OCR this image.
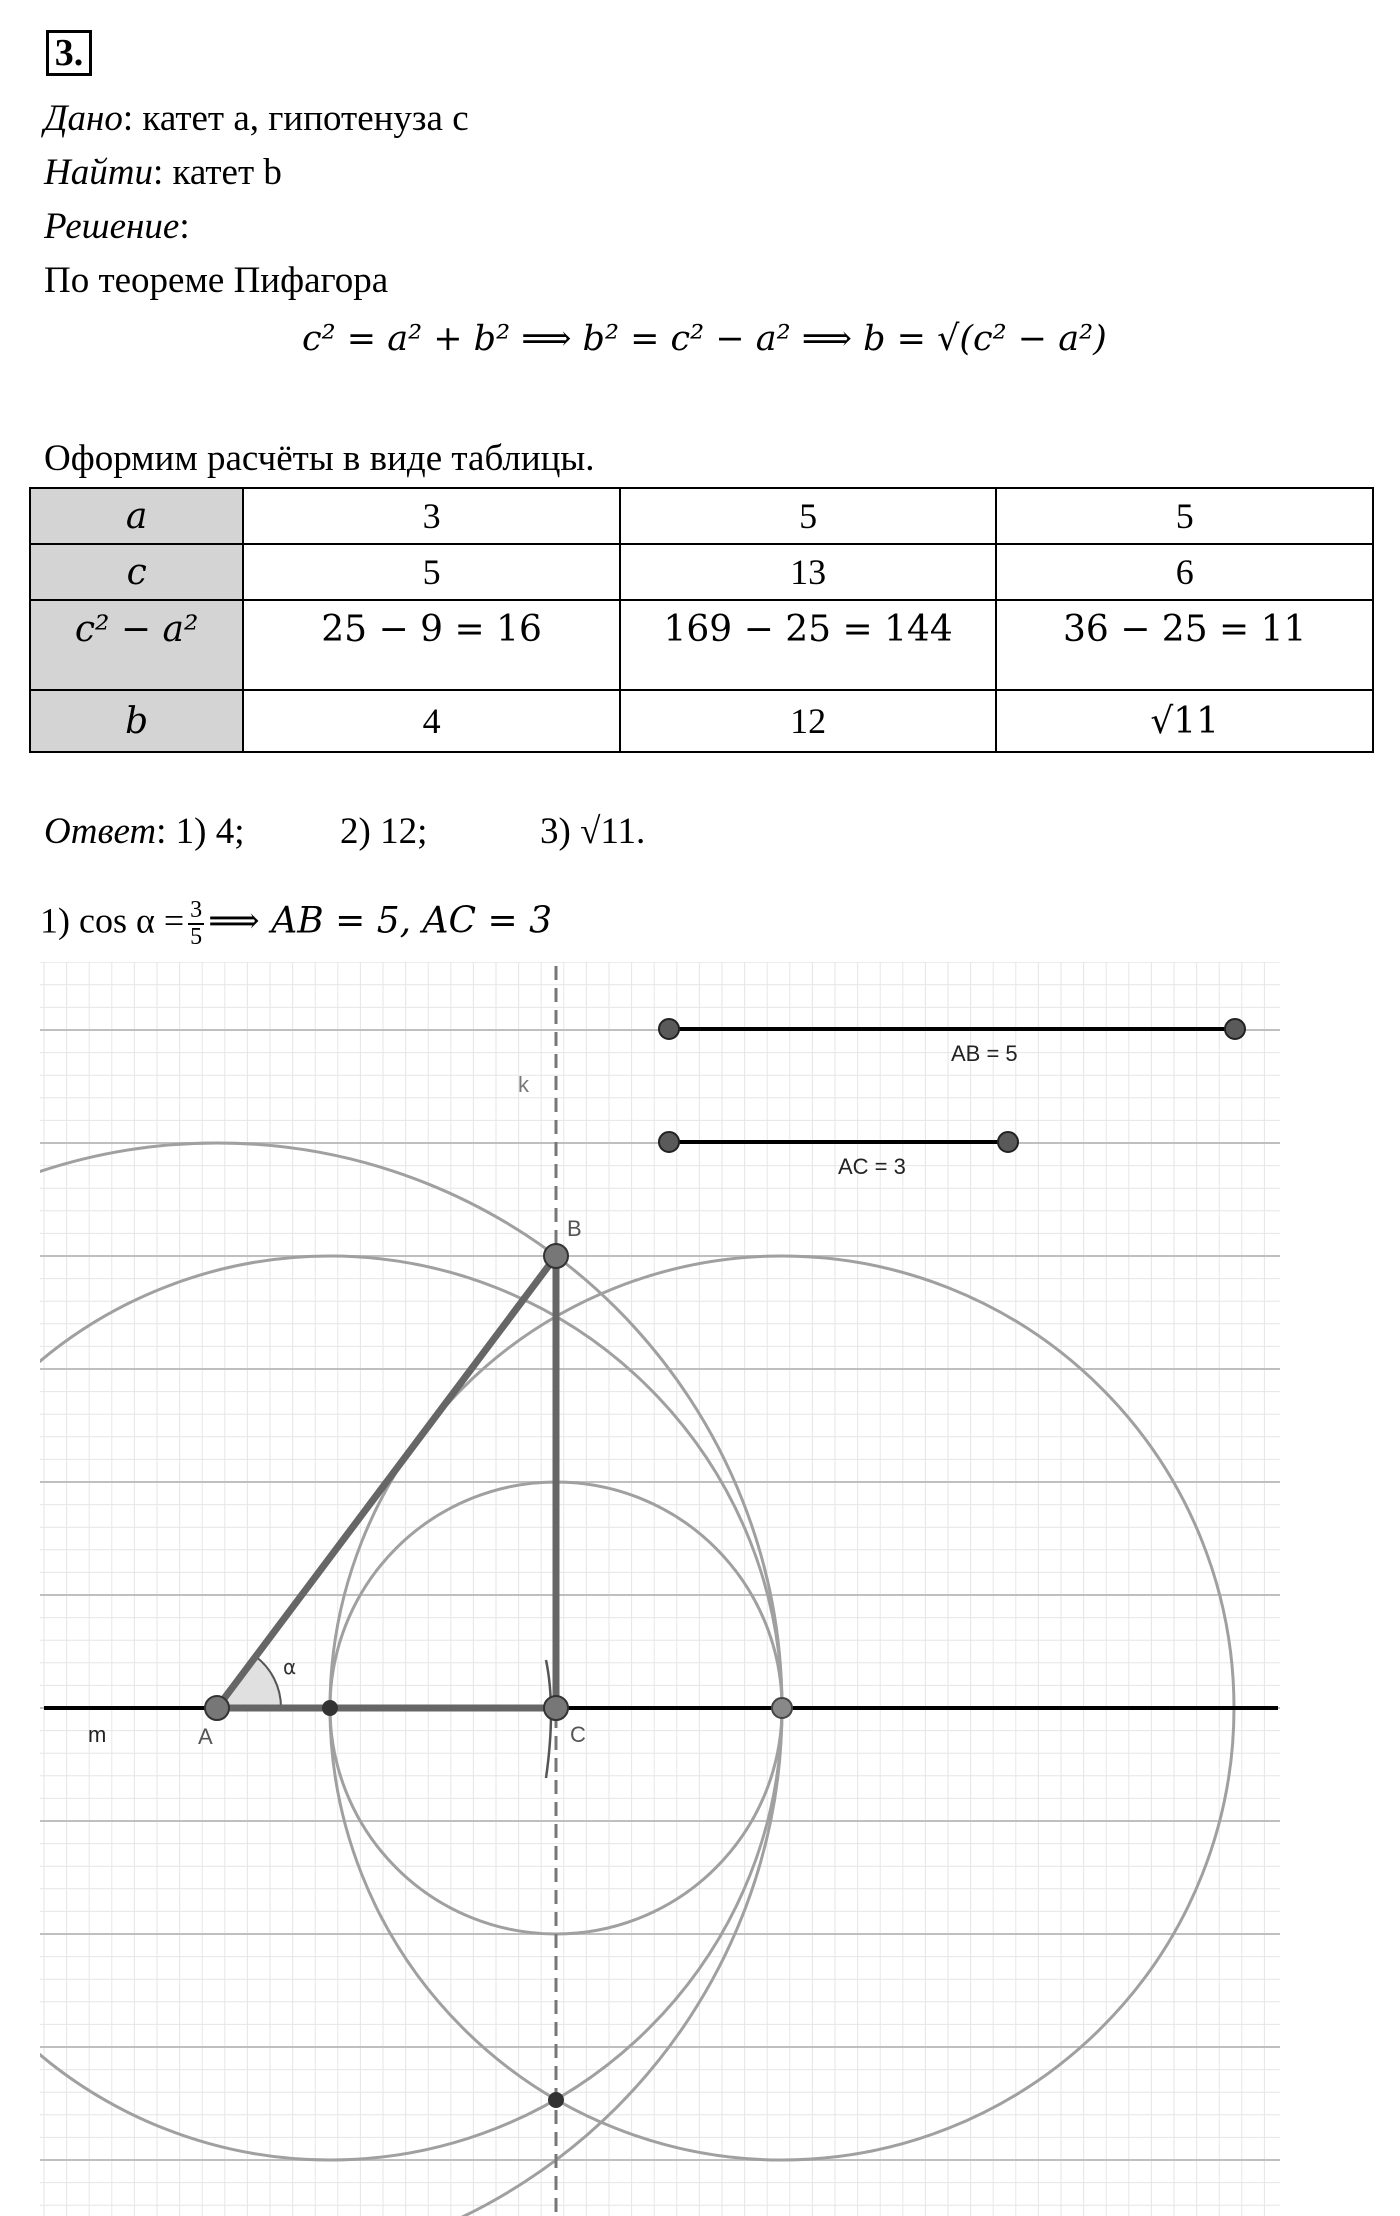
3.
Дано: катет a, гипотенуза c
Найти: катет b
Решение:
По теореме Пифагора
c² = a² + b² ⟹ b² = c² − a² ⟹ b = √(c² − a²)
Оформим расчёты в виде таблицы.
a	3	5	5
c	5	13	6
c² − a²	25 − 9 = 16	169 − 25 = 144	36 − 25 = 11
b	4	12	√11
Ответ: 1) 4;	2) 12;	3) √11.
1) $\cos \alpha = \frac{3}{5}$ ⟹ AB = 5, AC = 3
AB = 5
AC = 3
A
B
C
α
m
k
